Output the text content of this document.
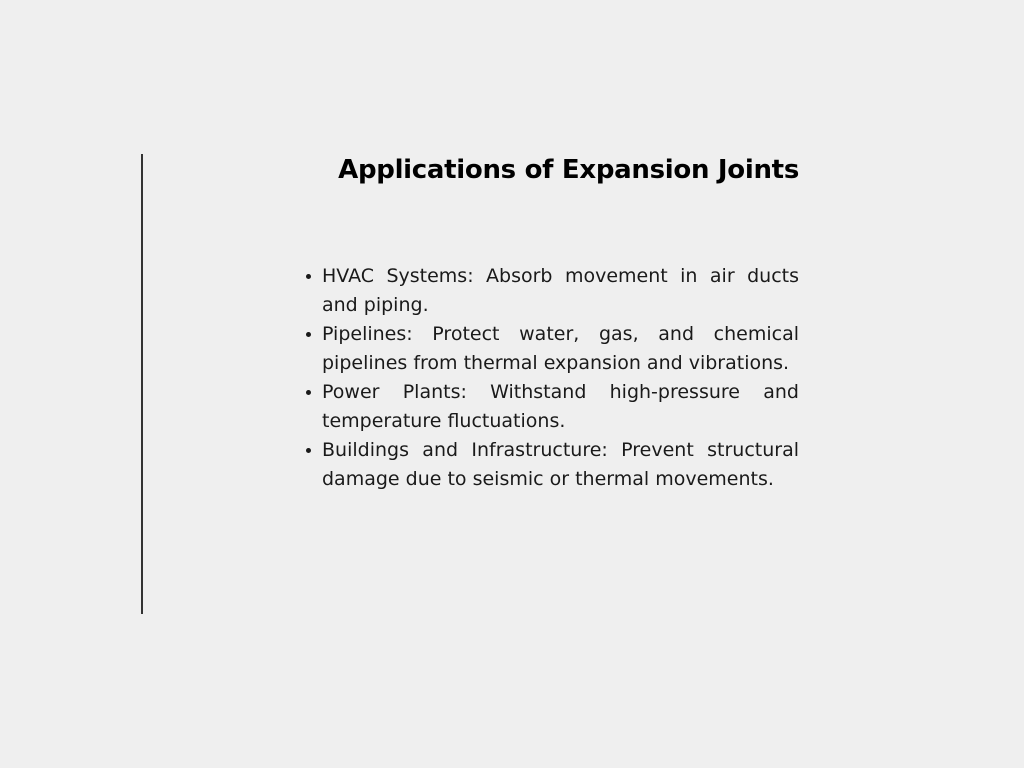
Applications of Expansion Joints
HVAC Systems: Absorb movement in air ducts and piping.
Pipelines: Protect water, gas, and chemical pipelines from thermal expansion and vibrations.
Power Plants: Withstand high-pressure and temperature fluctuations.
Buildings and Infrastructure: Prevent structural damage due to seismic or thermal movements.
